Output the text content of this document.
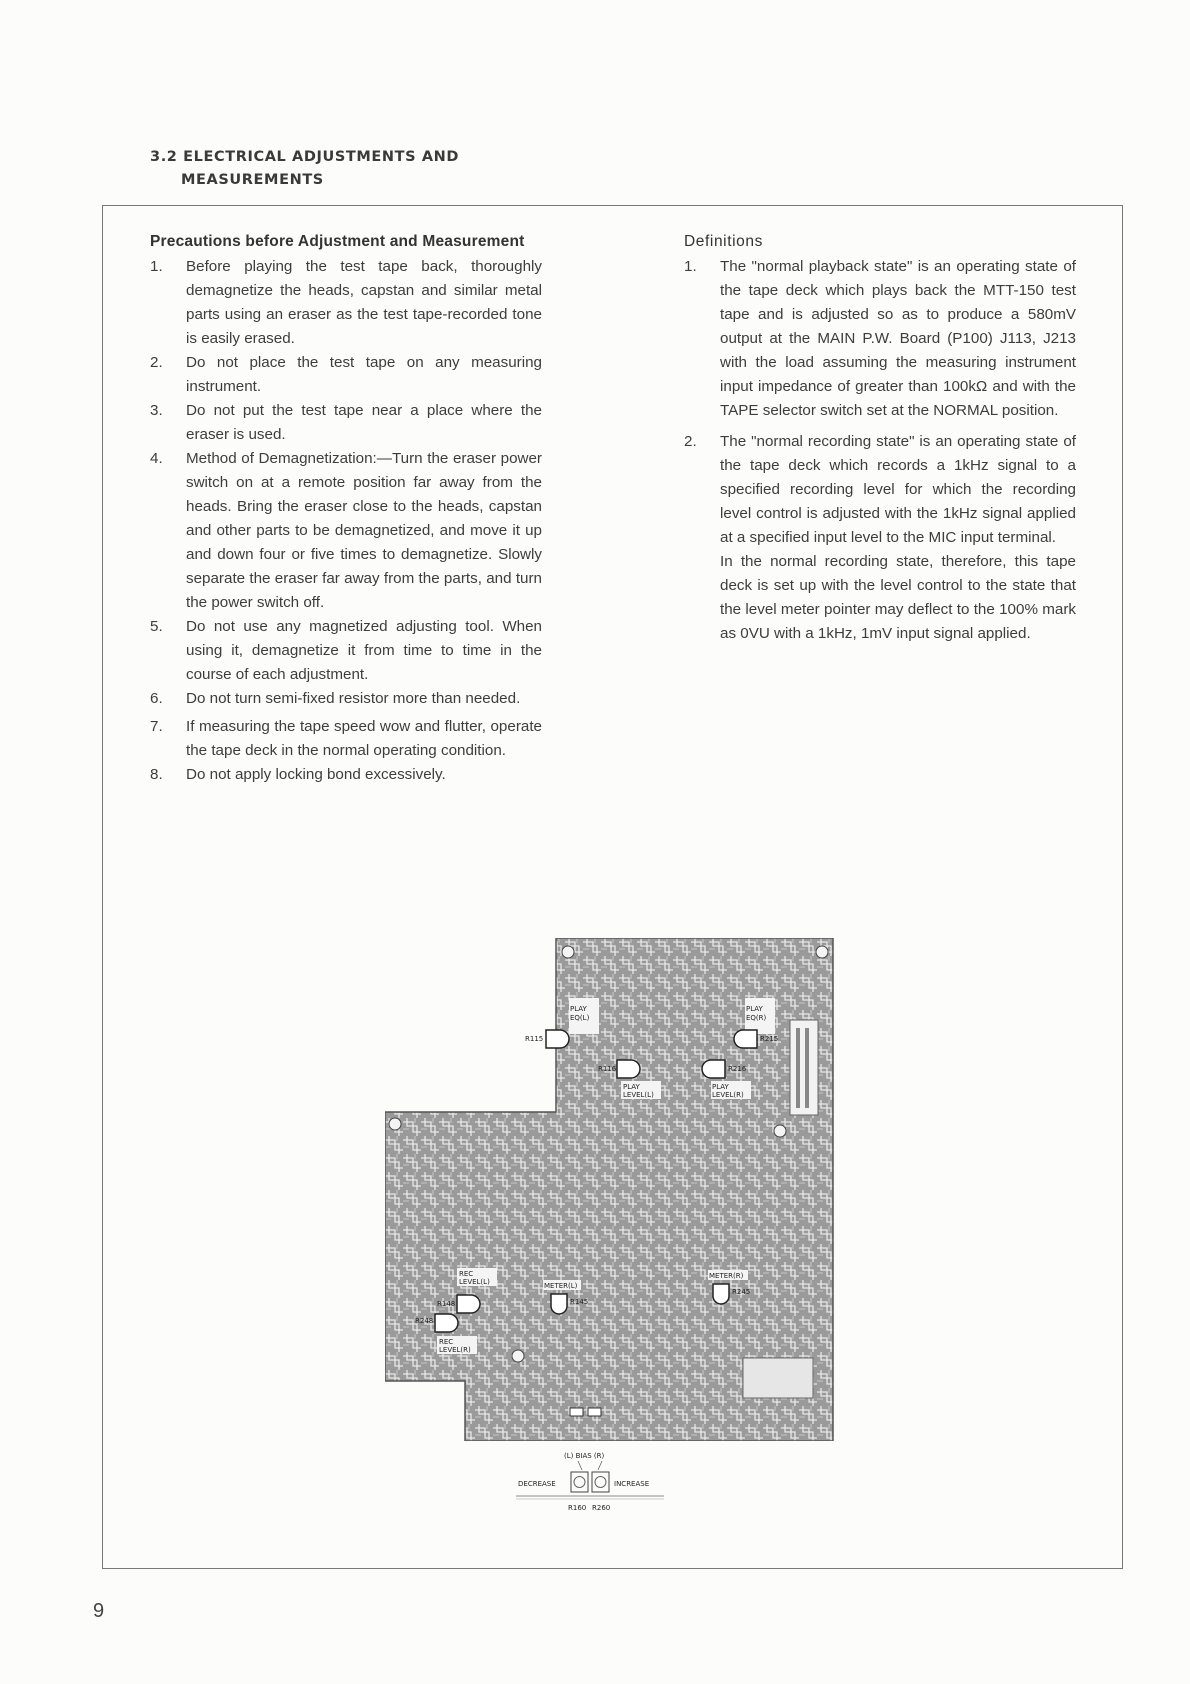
3.2 ELECTRICAL ADJUSTMENTS AND
MEASUREMENTS
Precautions before Adjustment and Measurement
1. Before playing the test tape back, thoroughly demagnetize the heads, capstan and similar metal parts using an eraser as the test tape-recorded tone is easily erased.
2. Do not place the test tape on any measuring instrument.
3. Do not put the test tape near a place where the eraser is used.
4. Method of Demagnetization:—Turn the eraser power switch on at a remote position far away from the heads. Bring the eraser close to the heads, capstan and other parts to be demagnetized, and move it up and down four or five times to demagnetize. Slowly separate the eraser far away from the parts, and turn the power switch off.
5. Do not use any magnetized adjusting tool. When using it, demagnetize it from time to time in the course of each adjustment.
6. Do not turn semi-fixed resistor more than needed.
7. If measuring the tape speed wow and flutter, operate the tape deck in the normal operating condition.
8. Do not apply locking bond excessively.
Definitions
1. The "normal playback state" is an operating state of the tape deck which plays back the MTT-150 test tape and is adjusted so as to produce a 580mV output at the MAIN P.W. Board (P100) J113, J213 with the load assuming the measuring instrument input impedance of greater than 100kΩ and with the TAPE selector switch set at the NORMAL position.
2. The "normal recording state" is an operating state of the tape deck which records a 1kHz signal to a specified recording level for which the recording level control is adjusted with the 1kHz signal applied at a specified input level to the MIC input terminal.
In the normal recording state, therefore, this tape deck is set up with the level control to the state that the level meter pointer may deflect to the 100% mark as 0VU with a 1kHz, 1mV input signal applied.
PLAY
EQ(L)
R115
PLAY
EQ(R)
R215
R116
PLAY
LEVEL(L)
R216
PLAY
LEVEL(R)
REC
LEVEL(L)
R148
R248
REC
LEVEL(R)
METER(L)
R145
METER(R)
R245
(L) BIAS (R)
DECREASE	INCREASE
R160 R260
9
